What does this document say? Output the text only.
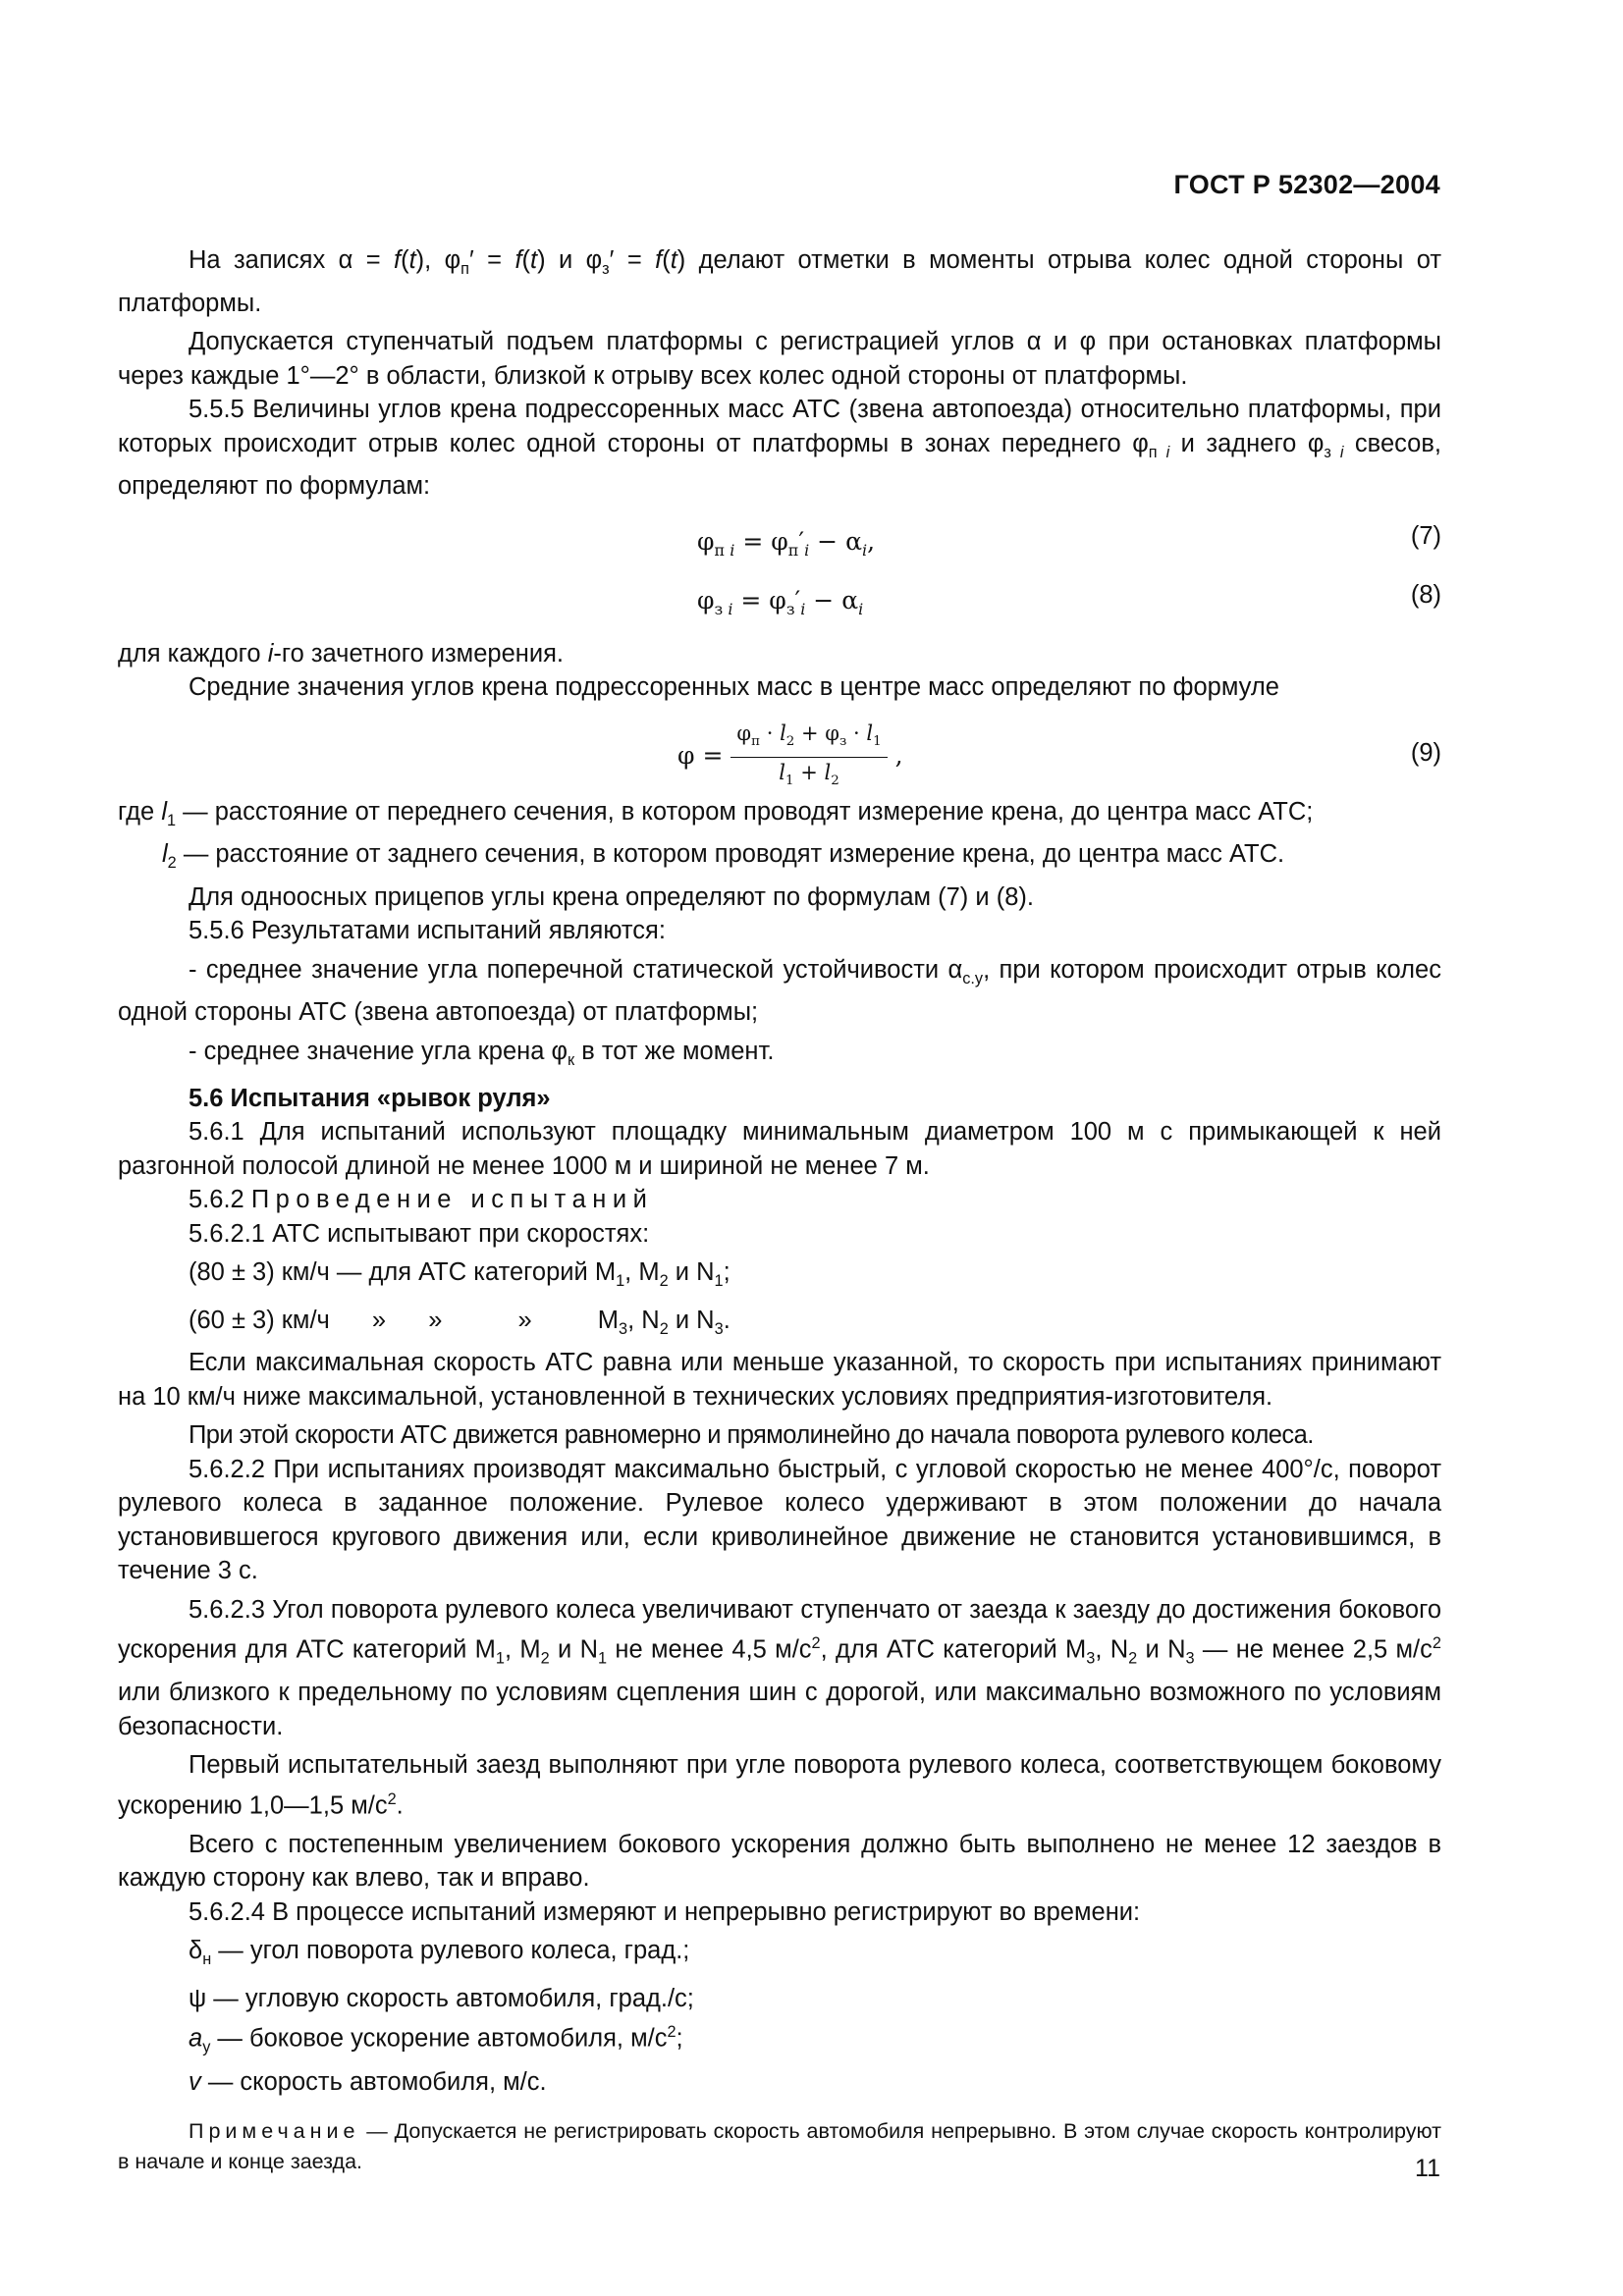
ГОСТ Р 52302—2004

На записях α = f(t), $\varphi_п' = f(t)$ и $\varphi_з' = f(t)$ делают отметки в моменты отрыва колес одной стороны от платформы.

Допускается ступенчатый подъем платформы с регистрацией углов α и φ при остановках платформы через каждые 1°—2° в области, близкой к отрыву всех колес одной стороны от платформы.

5.5.5 Величины углов крена подрессоренных масс АТС (звена автопоезда) относительно платформы, при которых происходит отрыв колес одной стороны от платформы в зонах переднего $\varphi_{п i}$ и заднего $\varphi_{з i}$ свесов, определяют по формулам:

$\varphi_{п i} = \varphi_п'_i - \alpha_i$,	(7)
$\varphi_{з i} = \varphi_з'_i - \alpha_i$
(8)

для каждого i-го зачетного измерения.

Средние значения углов крена подрессоренных масс в центре масс определяют по формуле

$\varphi = \frac{\varphi_п \cdot l_2 + \varphi_з \cdot l_1}{l_1 + l_2}$ ,	(9)

где $l_1$ — расстояние от переднего сечения, в котором проводят измерение крена, до центра масс АТС;

$l_2$ — расстояние от заднего сечения, в котором проводят измерение крена, до центра масс АТС.

Для одноосных прицепов углы крена определяют по формулам (7) и (8).

5.5.6 Результатами испытаний являются:

- среднее значение угла поперечной статической устойчивости $\alpha_{с.у}$, при котором происходит отрыв колес одной стороны АТС (звена автопоезда) от платформы;

- среднее значение угла крена $\varphi_к$ в тот же момент.

5.6 Испытания «рывок руля»

5.6.1 Для испытаний используют площадку минимальным диаметром 100 м с примыкающей к ней разгонной полосой длиной не менее 1000 м и шириной не менее 7 м.

5.6.2 Проведение испытаний

5.6.2.1 АТС испытывают при скоростях:

(80 ± 3) км/ч — для АТС категорий $M_1$, $M_2$ и $N_1$;

(60 ± 3) км/ч » »	» $M_3$, $N_2$ и $N_3$.

Если максимальная скорость АТС равна или меньше указанной, то скорость при испытаниях принимают на 10 км/ч ниже максимальной, установленной в технических условиях предприятия-изготовителя.

При этой скорости АТС движется равномерно и прямолинейно до начала поворота рулевого колеса.

5.6.2.2 При испытаниях производят максимально быстрый, с угловой скоростью не менее 400°/с, поворот рулевого колеса в заданное положение. Рулевое колесо удерживают в этом положении до начала установившегося кругового движения или, если криволинейное движение не становится установившимся, в течение 3 с.

5.6.2.3 Угол поворота рулевого колеса увеличивают ступенчато от заезда к заезду до достижения бокового ускорения для АТС категорий $M_1$, $M_2$ и $N_1$ не менее 4,5 $м/с^2$, для АТС категорий $M_3$, $N_2$ и $N_3$ — не менее 2,5 $м/с^2$ или близкого к предельному по условиям сцепления шин с дорогой, или максимально возможного по условиям безопасности.

Первый испытательный заезд выполняют при угле поворота рулевого колеса, соответствующем боковому ускорению 1,0—1,5 $м/с^2$.

Всего с постепенным увеличением бокового ускорения должно быть выполнено не менее 12 заездов в каждую сторону как влево, так и вправо.

5.6.2.4 В процессе испытаний измеряют и непрерывно регистрируют во времени:

$\delta_н$ — угол поворота рулевого колеса, град.;

ψ — угловую скорость автомобиля, град./с;

$a_y$ — боковое ускорение автомобиля, $м/с^2$;

v — скорость автомобиля, м/с.

Примечание — Допускается не регистрировать скорость автомобиля непрерывно. В этом случае скорость контролируют в начале и конце заезда.	11
